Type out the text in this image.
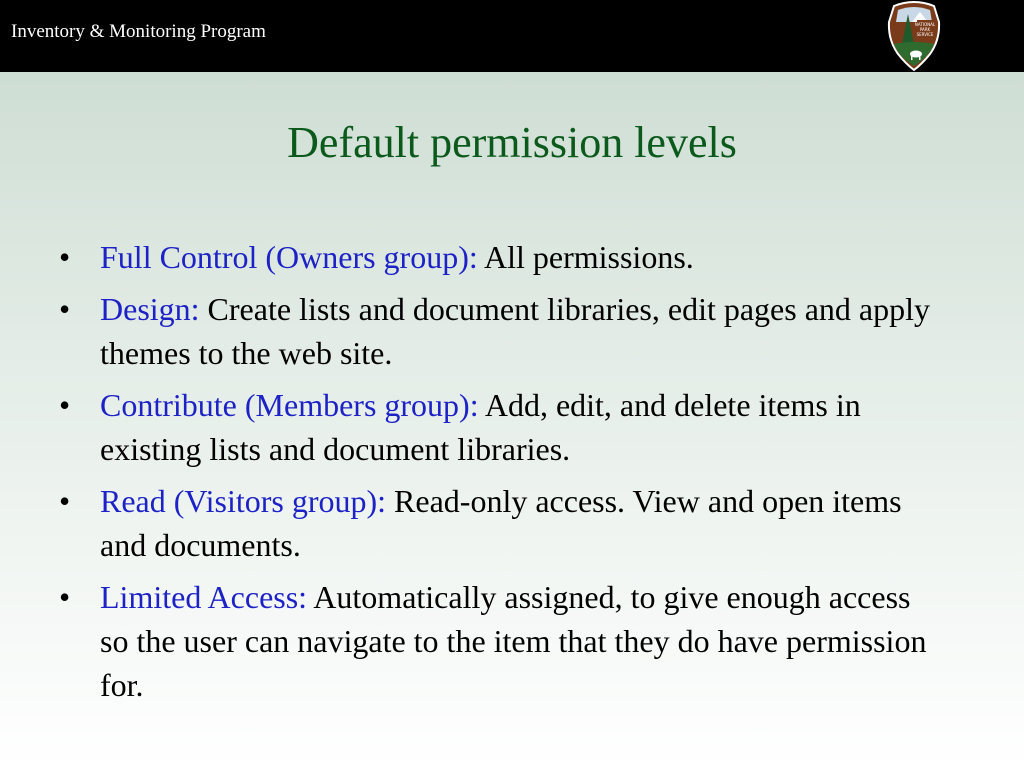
Inventory & Monitoring Program	NATIONAL
PARK
SERVICE
Default permission levels
• Full Control (Owners group): All permissions.
• Design: Create lists and document libraries, edit pages and apply themes to the web site.
• Contribute (Members group): Add, edit, and delete items in existing lists and document libraries.
• Read (Visitors group): Read-only access. View and open items and documents.
• Limited Access: Automatically assigned, to give enough access so the user can navigate to the item that they do have permission for.
